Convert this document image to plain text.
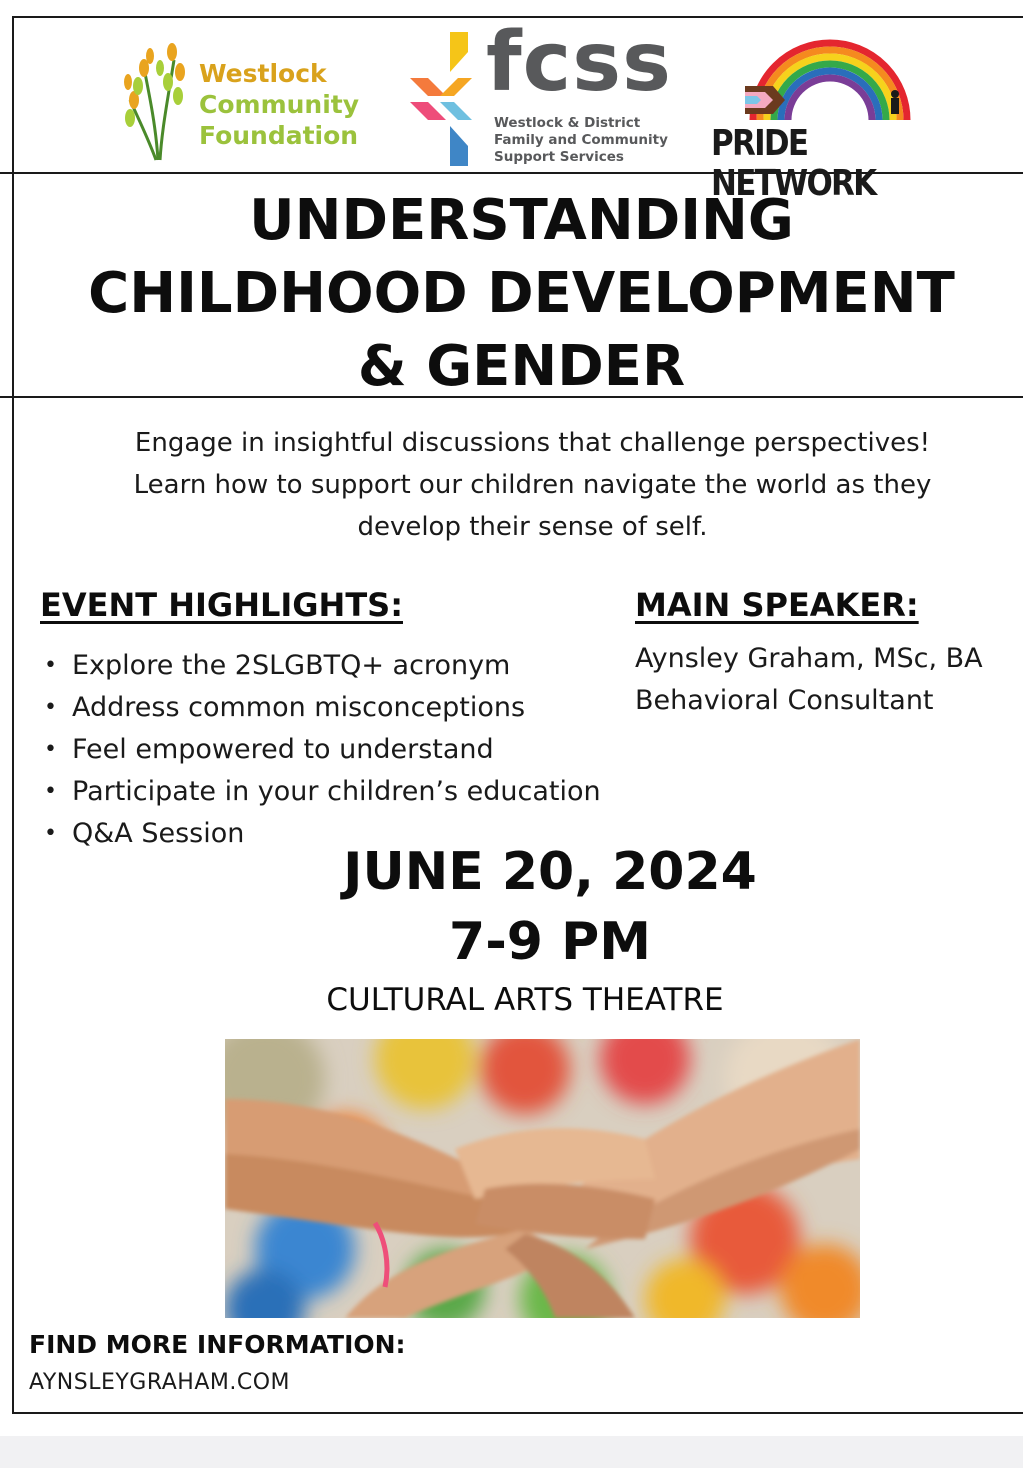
Westlock
Community
Foundation
fcss
Westlock & District
Family and Community
Support Services	PRIDE NETWORK
UNDERSTANDING
CHILDHOOD DEVELOPMENT
& GENDER
Engage in insightful discussions that challenge perspectives!
Learn how to support our children navigate the world as they
develop their sense of self.
EVENT HIGHLIGHTS:
• Explore the 2SLGBTQ+ acronym
• Address common misconceptions
• Feel empowered to understand
• Participate in your children’s education
• Q&A Session
MAIN SPEAKER:
Aynsley Graham, MSc, BA
Behavioral Consultant
JUNE 20, 2024
7-9 PM
CULTURAL ARTS THEATRE
FIND MORE INFORMATION:
AYNSLEYGRAHAM.COM
